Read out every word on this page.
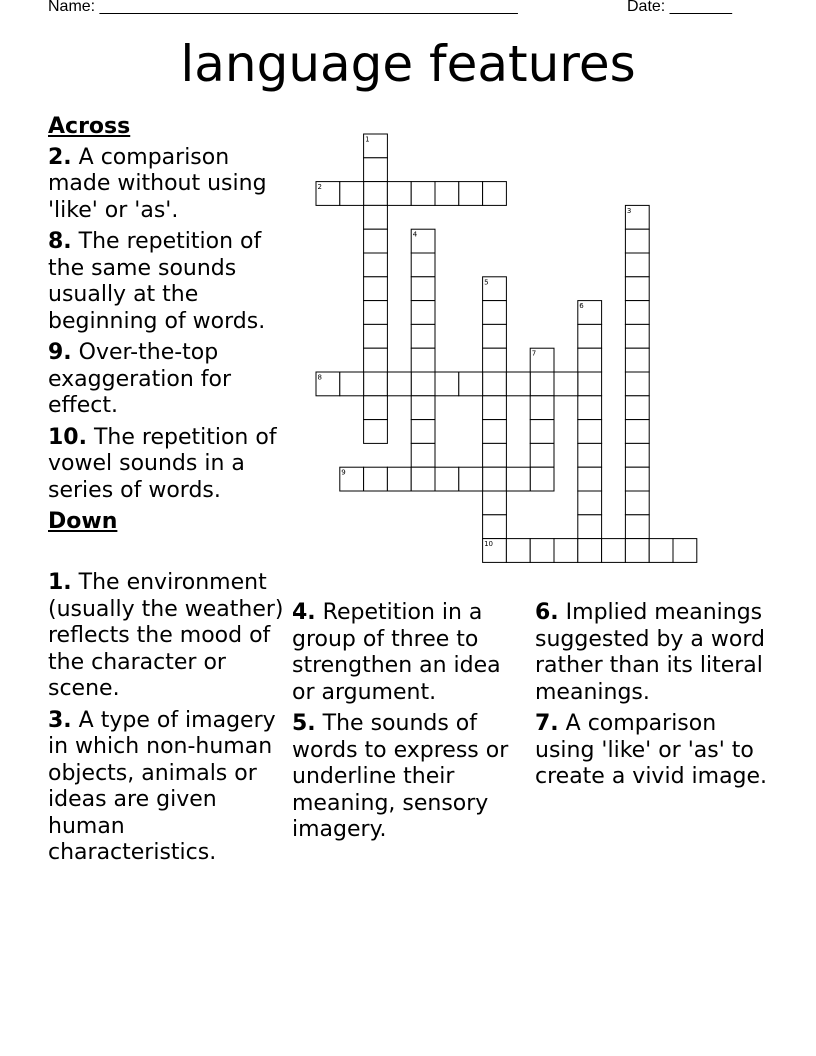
Name: _______________________________________________	Date: _______
language features
Across
2. A comparison made without using 'like' or 'as'.
8. The repetition of the same sounds usually at the beginning of words.
9. Over-the-top exaggeration for effect.
10. The repetition of vowel sounds in a series of words.
Down
1. The environment (usually the weather) reflects the mood of the character or scene.
3. A type of imagery in which non-human objects, animals or ideas are given human characteristics.
4. Repetition in a group of three to strengthen an idea or argument.
5. The sounds of words to express or underline their meaning, sensory imagery.
6. Implied meanings suggested by a word rather than its literal meanings.
7. A comparison using 'like' or 'as' to create a vivid image.
1
2
3
4
5
6
7
8
9
10
